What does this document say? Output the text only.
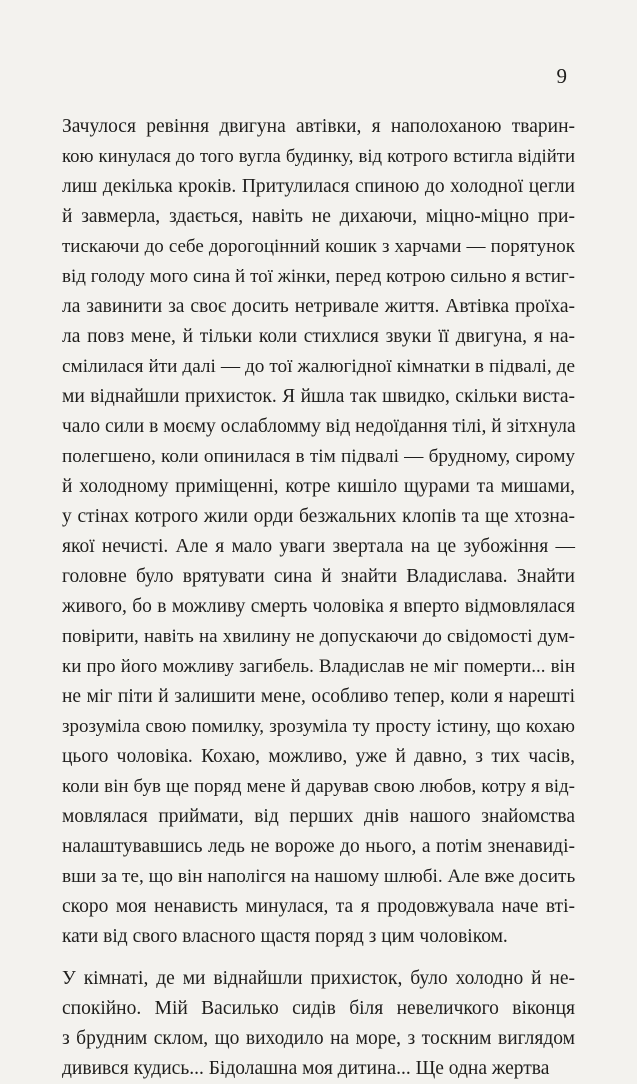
9

Зачулося ревіння двигуна автівки, я наполоханою тварин-
кою кинулася до того вугла будинку, від котрого встигла відійти
лиш декілька кроків. Притулилася спиною до холодної цегли
й завмерла, здається, навіть не дихаючи, міцно-міцно при-
тискаючи до себе дорогоцінний кошик з харчами — порятунок
від голоду мого сина й тої жінки, перед котрою сильно я встиг-
ла завинити за своє досить нетривале життя. Автівка проїха-
ла повз мене, й тільки коли стихлися звуки її двигуна, я на-
смілилася йти далі — до тої жалюгідної кімнатки в підвалі, де
ми віднайшли прихисток. Я йшла так швидко, скільки виста-
чало сили в моєму ослабломму від недоїдання тілі, й зітхнула
полегшено, коли опинилася в тім підвалі — брудному, сирому
й холодному приміщенні, котре кишіло щурами та мишами,
у стінах котрого жили орди безжальних клопів та ще хтозна-
якої нечисті. Але я мало уваги звертала на це зубожіння —
головне було врятувати сина й знайти Владислава. Знайти
живого, бо в можливу смерть чоловіка я вперто відмовлялася
повірити, навіть на хвилину не допускаючи до свідомості дум-
ки про його можливу загибель. Владислав не міг померти... він
не міг піти й залишити мене, особливо тепер, коли я нарешті
зрозуміла свою помилку, зрозуміла ту просту істину, що кохаю
цього чоловіка. Кохаю, можливо, уже й давно, з тих часів,
коли він був ще поряд мене й дарував свою любов, котру я від-
мовлялася приймати, від перших днів нашого знайомства
налаштувавшись ледь не вороже до нього, а потім зненавиді-
вши за те, що він наполігся на нашому шлюбі. Але вже досить
скоро моя ненависть минулася, та я продовжувала наче вті-
кати від свого власного щастя поряд з цим чоловіком.

У кімнаті, де ми віднайшли прихисток, було холодно й не-
спокійно. Мій Василько сидів біля невеличкого віконця
з брудним склом, що виходило на море, з тоскним виглядом
дивився кудись... Бідолашна моя дитина... Ще одна жертва
